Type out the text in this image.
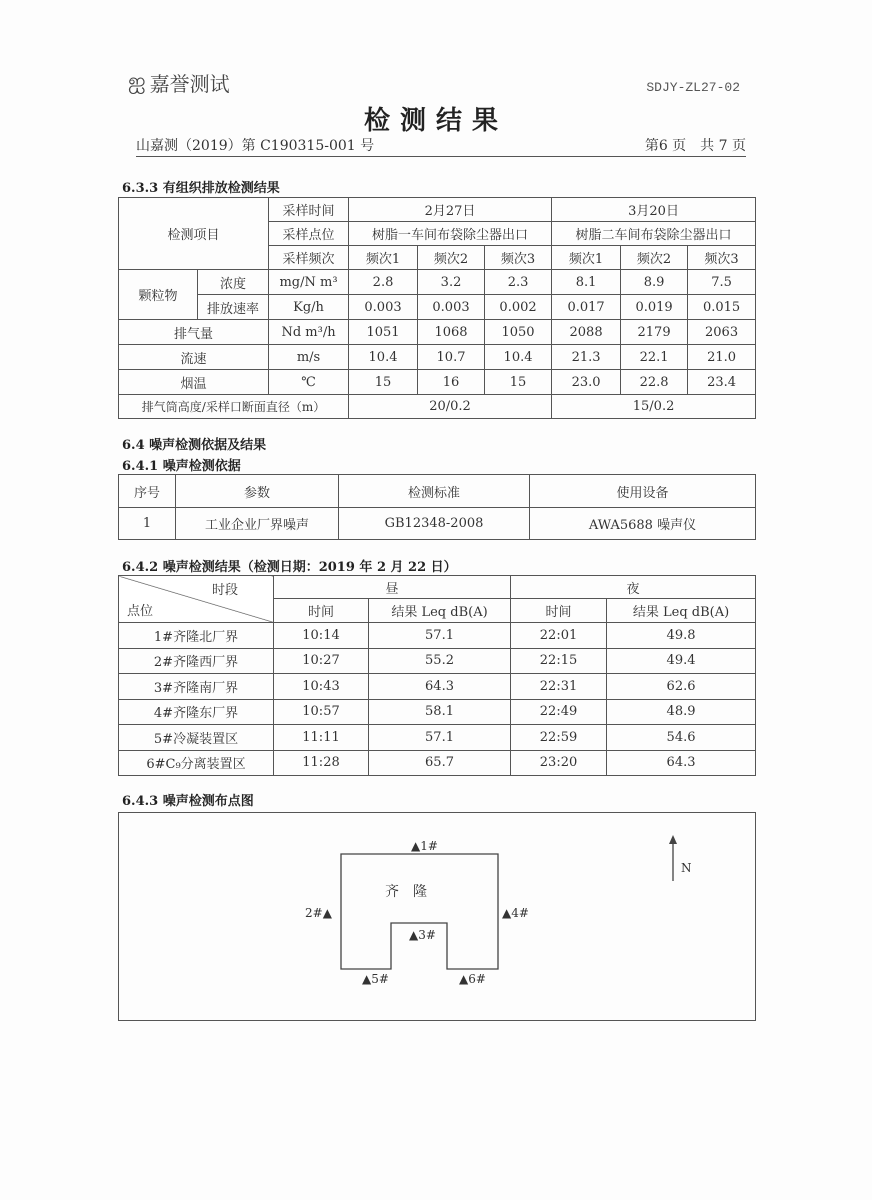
ஐ 嘉誉测试	SDJY-ZL27-02
检测结果
山嘉测（2019）第 C190315-001 号	第6 页　共 7 页
6.3.3 有组织排放检测结果
检测项目		采样时间	2月27日			3月20日		
		采样点位	树脂一车间布袋除尘器出口			树脂二车间布袋除尘器出口		
		采样频次	频次1	频次2	频次3	频次1	频次2	频次3
颗粒物	浓度	mg/N m³	2.8	3.2	2.3	8.1	8.9	7.5
	排放速率	Kg/h	0.003	0.003	0.002	0.017	0.019	0.015
排气量		Nd m³/h	1051	1068	1050	2088	2179	2063
流速		m/s	10.4	10.7	10.4	21.3	22.1	21.0
烟温		℃	15	16	15	23.0	22.8	23.4
排气筒高度/采样口断面直径（m）			20/0.2			15/0.2		
6.4 噪声检测依据及结果
6.4.1 噪声检测依据
序号	参数	检测标准	使用设备
1	工业企业厂界噪声	GB12348-2008	AWA5688 噪声仪
6.4.2 噪声检测结果（检测日期：2019 年 2 月 22 日）
时段
点位	昼		夜	
	时间	结果 Leq dB(A)	时间	结果 Leq dB(A)
1#齐隆北厂界	10:14	57.1	22:01	49.8
2#齐隆西厂界	10:27	55.2	22:15	49.4
3#齐隆南厂界	10:43	64.3	22:31	62.6
4#齐隆东厂界	10:57	58.1	22:49	48.9
5#冷凝装置区	11:11	57.1	22:59	54.6
6#C₉分离装置区	11:28	65.7	23:20	64.3
6.4.3 噪声检测布点图
齐　隆
N
▲1#
2#▲
▲3#
▲4#
▲5#	▲6#
